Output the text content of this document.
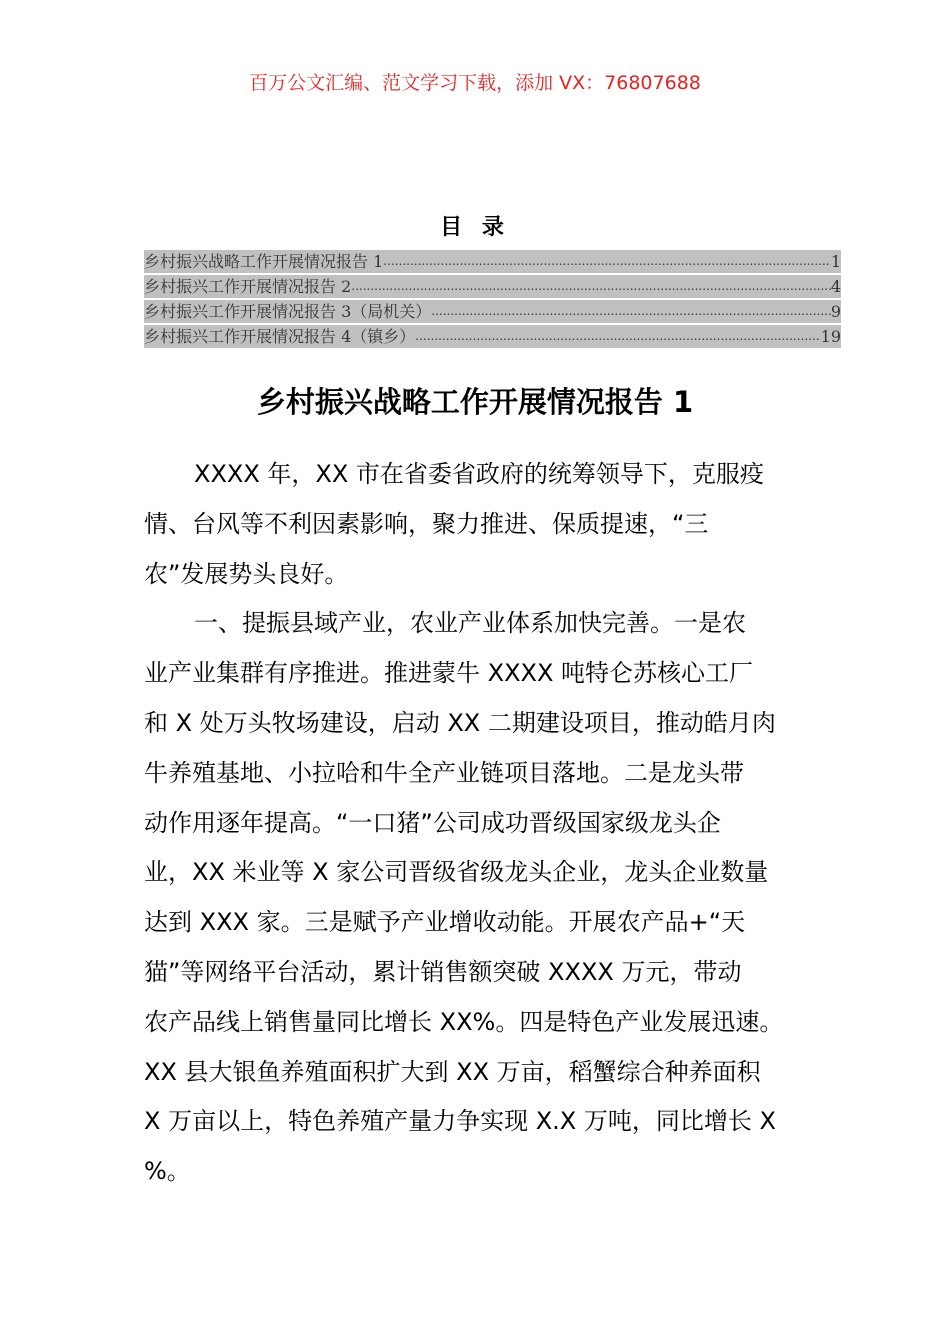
百万公文汇编、范文学习下载，添加 VX：76807688
目 录
乡村振兴战略工作开展情况报告 1 .....	1
乡村振兴工作开展情况报告 2 .....	4
乡村振兴工作开展情况报告 3（局机关） .....	9
乡村振兴工作开展情况报告 4（镇乡） .....	19
乡村振兴战略工作开展情况报告 1
XXXX 年，XX 市在省委省政府的统筹领导下，克服疫
情、台风等不利因素影响，聚力推进、保质提速，“三
农”发展势头良好。
一、提振县域产业，农业产业体系加快完善。一是农
业产业集群有序推进。推进蒙牛 XXXX 吨特仑苏核心工厂
和 X 处万头牧场建设，启动 XX 二期建设项目，推动皓月肉
牛养殖基地、小拉哈和牛全产业链项目落地。二是龙头带
动作用逐年提高。“一口猪”公司成功晋级国家级龙头企
业，XX 米业等 X 家公司晋级省级龙头企业，龙头企业数量
达到 XXX 家。三是赋予产业增收动能。开展农产品+“天
猫”等网络平台活动，累计销售额突破 XXXX 万元，带动
农产品线上销售量同比增长 XX%。四是特色产业发展迅速。
XX 县大银鱼养殖面积扩大到 XX 万亩，稻蟹综合种养面积
X 万亩以上，特色养殖产量力争实现 X.X 万吨，同比增长 X
%。
